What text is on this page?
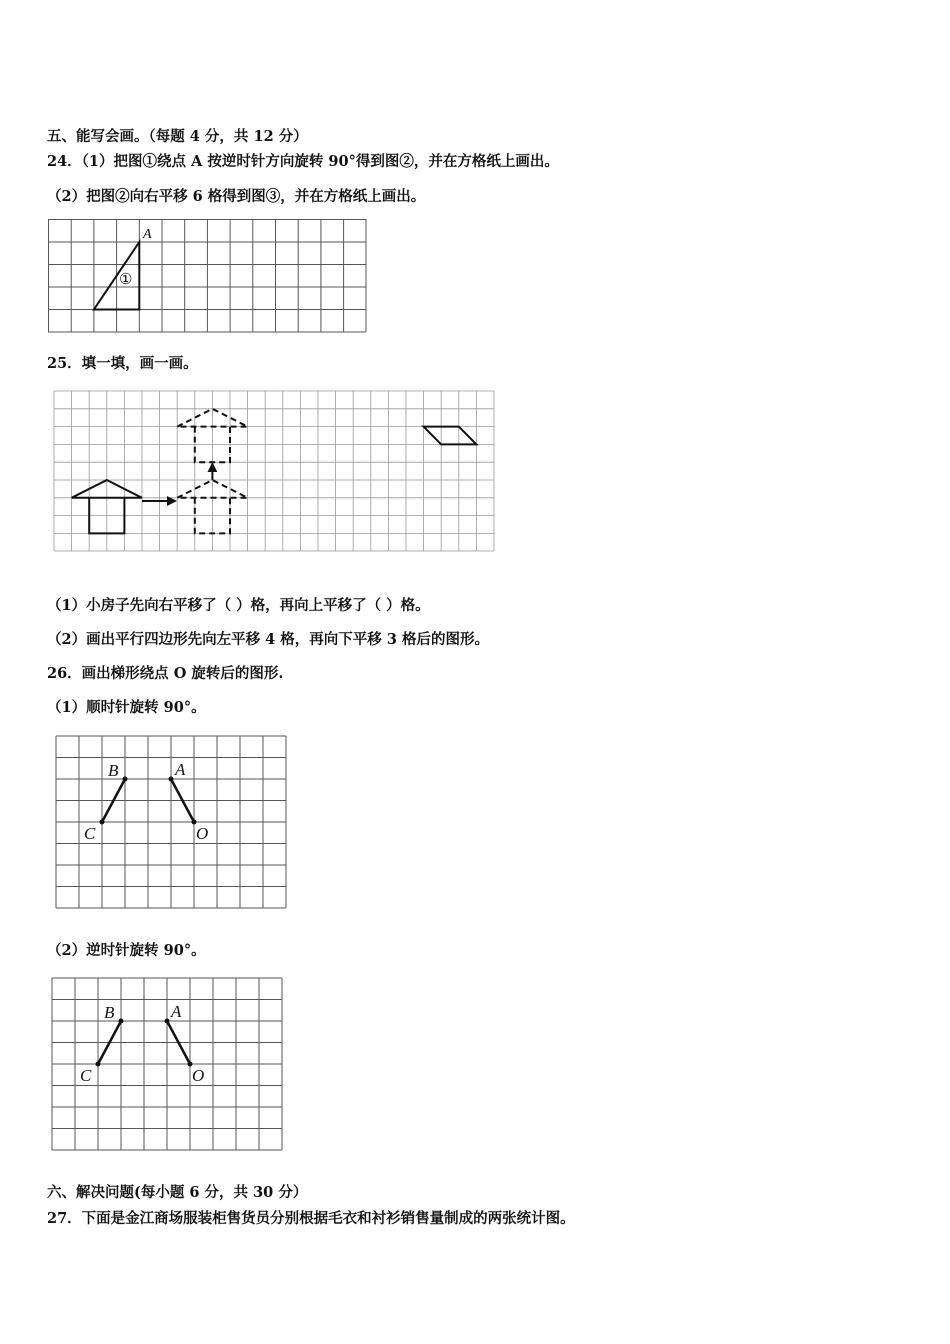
五、能写会画。（每题 4 分，共 12 分）
24．（1）把图①绕点 A 按逆时针方向旋转 90°得到图②，并在方格纸上画出。
（2）把图②向右平移 6 格得到图③，并在方格纸上画出。
A
①
25．填一填，画一画。
（1）小房子先向右平移了（ ）格，再向上平移了（ ）格。
（2）画出平行四边形先向左平移 4 格，再向下平移 3 格后的图形。
26．画出梯形绕点 O 旋转后的图形.
（1）顺时针旋转 90°。
B	A
C	O
（2）逆时针旋转 90°。
B	A
C	O
六、解决问题(每小题 6 分，共 30 分）
27．下面是金江商场服装柜售货员分别根据毛衣和衬衫销售量制成的两张统计图。
